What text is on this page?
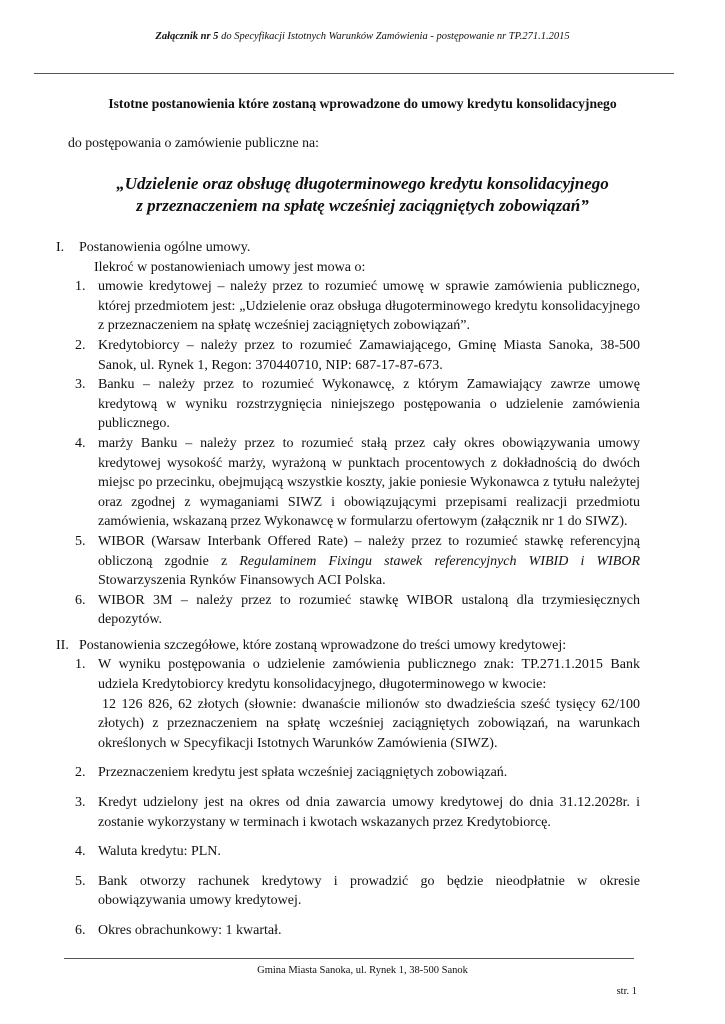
Załącznik nr 5 do Specyfikacji Istotnych Warunków Zamówienia - postępowanie nr TP.271.1.2015
Istotne postanowienia które zostaną wprowadzone do umowy kredytu konsolidacyjnego
do postępowania o zamówienie publiczne na:
„Udzielenie oraz obsługę długoterminowego kredytu konsolidacyjnego
z przeznaczeniem na spłatę wcześniej zaciągniętych zobowiązań”
I. Postanowienia ogólne umowy.
Ilekroć w postanowieniach umowy jest mowa o:
1. umowie kredytowej – należy przez to rozumieć umowę w sprawie zamówienia publicznego, której przedmiotem jest: „Udzielenie oraz obsługa długoterminowego kredytu konsolidacyjnego z przeznaczeniem na spłatę wcześniej zaciągniętych zobowiązań”.
2. Kredytobiorcy – należy przez to rozumieć Zamawiającego, Gminę Miasta Sanoka, 38-500 Sanok, ul. Rynek 1, Regon: 370440710, NIP: 687-17-87-673.
3. Banku – należy przez to rozumieć Wykonawcę, z którym Zamawiający zawrze umowę kredytową w wyniku rozstrzygnięcia niniejszego postępowania o udzielenie zamówienia publicznego.
4. marży Banku – należy przez to rozumieć stałą przez cały okres obowiązywania umowy kredytowej wysokość marży, wyrażoną w punktach procentowych z dokładnością do dwóch miejsc po przecinku, obejmującą wszystkie koszty, jakie poniesie Wykonawca z tytułu należytej oraz zgodnej z wymaganiami SIWZ i obowiązującymi przepisami realizacji przedmiotu zamówienia, wskazaną przez Wykonawcę w formularzu ofertowym (załącznik nr 1 do SIWZ).
5. WIBOR (Warsaw Interbank Offered Rate) – należy przez to rozumieć stawkę referencyjną obliczoną zgodnie z Regulaminem Fixingu stawek referencyjnych WIBID i WIBOR Stowarzyszenia Rynków Finansowych ACI Polska.
6. WIBOR 3M – należy przez to rozumieć stawkę WIBOR ustaloną dla trzymiesięcznych depozytów.
II. Postanowienia szczegółowe, które zostaną wprowadzone do treści umowy kredytowej:
1. W wyniku postępowania o udzielenie zamówienia publicznego znak: TP.271.1.2015 Bank udziela Kredytobiorcy kredytu konsolidacyjnego, długoterminowego w kwocie:
12 126 826, 62 złotych (słownie: dwanaście milionów sto dwadzieścia sześć tysięcy 62/100 złotych) z przeznaczeniem na spłatę wcześniej zaciągniętych zobowiązań, na warunkach określonych w Specyfikacji Istotnych Warunków Zamówienia (SIWZ).
2. Przeznaczeniem kredytu jest spłata wcześniej zaciągniętych zobowiązań.
3. Kredyt udzielony jest na okres od dnia zawarcia umowy kredytowej do dnia 31.12.2028r. i zostanie wykorzystany w terminach i kwotach wskazanych przez Kredytobiorcę.
4. Waluta kredytu: PLN.
5. Bank otworzy rachunek kredytowy i prowadzić go będzie nieodpłatnie w okresie obowiązywania umowy kredytowej.
6. Okres obrachunkowy: 1 kwartał.
Gmina Miasta Sanoka, ul. Rynek 1, 38-500 Sanok
str. 1
